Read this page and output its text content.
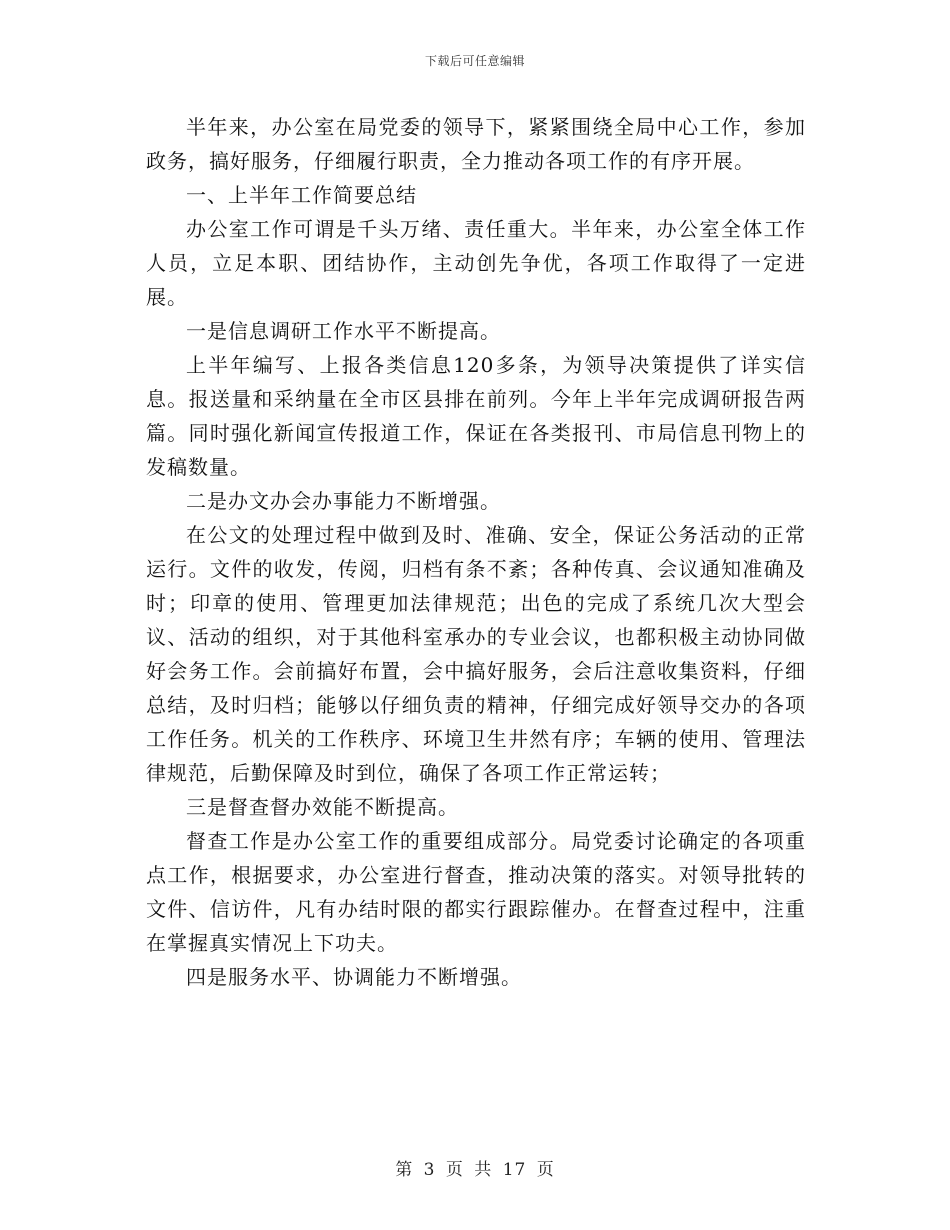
下载后可任意编辑

半年来，办公室在局党委的领导下，紧紧围绕全局中心工作，参加政务，搞好服务，仔细履行职责，全力推动各项工作的有序开展。

一、上半年工作简要总结

办公室工作可谓是千头万绪、责任重大。半年来，办公室全体工作人员，立足本职、团结协作，主动创先争优，各项工作取得了一定进展。

一是信息调研工作水平不断提高。

上半年编写、上报各类信息120多条，为领导决策提供了详实信息。报送量和采纳量在全市区县排在前列。今年上半年完成调研报告两篇。同时强化新闻宣传报道工作，保证在各类报刊、市局信息刊物上的发稿数量。

二是办文办会办事能力不断增强。

在公文的处理过程中做到及时、准确、安全，保证公务活动的正常运行。文件的收发，传阅，归档有条不紊；各种传真、会议通知准确及时；印章的使用、管理更加法律规范；出色的完成了系统几次大型会议、活动的组织，对于其他科室承办的专业会议，也都积极主动协同做好会务工作。会前搞好布置，会中搞好服务，会后注意收集资料，仔细总结，及时归档；能够以仔细负责的精神，仔细完成好领导交办的各项工作任务。机关的工作秩序、环境卫生井然有序；车辆的使用、管理法律规范，后勤保障及时到位，确保了各项工作正常运转；

三是督查督办效能不断提高。

督查工作是办公室工作的重要组成部分。局党委讨论确定的各项重点工作，根据要求，办公室进行督查，推动决策的落实。对领导批转的文件、信访件，凡有办结时限的都实行跟踪催办。在督查过程中，注重在掌握真实情况上下功夫。

四是服务水平、协调能力不断增强。

第 3 页 共 17 页
